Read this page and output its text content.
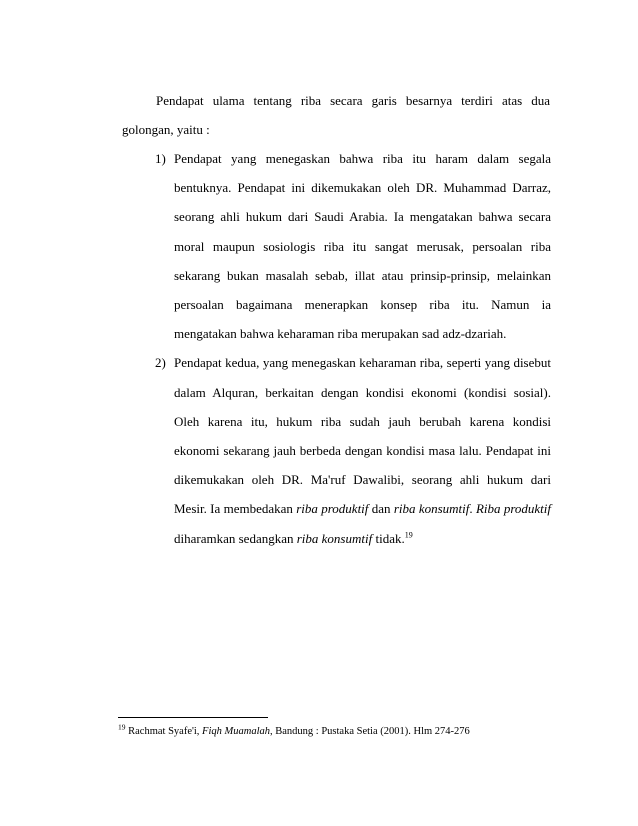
Pendapat ulama tentang riba secara garis besarnya terdiri atas dua golongan, yaitu :

1) Pendapat yang menegaskan bahwa riba itu haram dalam segala bentuknya. Pendapat ini dikemukakan oleh DR. Muhammad Darraz, seorang ahli hukum dari Saudi Arabia. Ia mengatakan bahwa secara moral maupun sosiologis riba itu sangat merusak, persoalan riba sekarang bukan masalah sebab, illat atau prinsip-prinsip, melainkan persoalan bagaimana menerapkan konsep riba itu. Namun ia mengatakan bahwa keharaman riba merupakan sad adz-dzariah.
2) Pendapat kedua, yang menegaskan keharaman riba, seperti yang disebut dalam Alquran, berkaitan dengan kondisi ekonomi (kondisi sosial). Oleh karena itu, hukum riba sudah jauh berubah karena kondisi ekonomi sekarang jauh berbeda dengan kondisi masa lalu. Pendapat ini dikemukakan oleh DR. Ma'ruf Dawalibi, seorang ahli hukum dari Mesir. Ia membedakan riba produktif dan riba konsumtif. Riba produktif diharamkan sedangkan riba konsumtif tidak.$^{19}$
$^{19}$ Rachmat Syafe'i, Fiqh Muamalah, Bandung : Pustaka Setia (2001). Hlm 274-276
